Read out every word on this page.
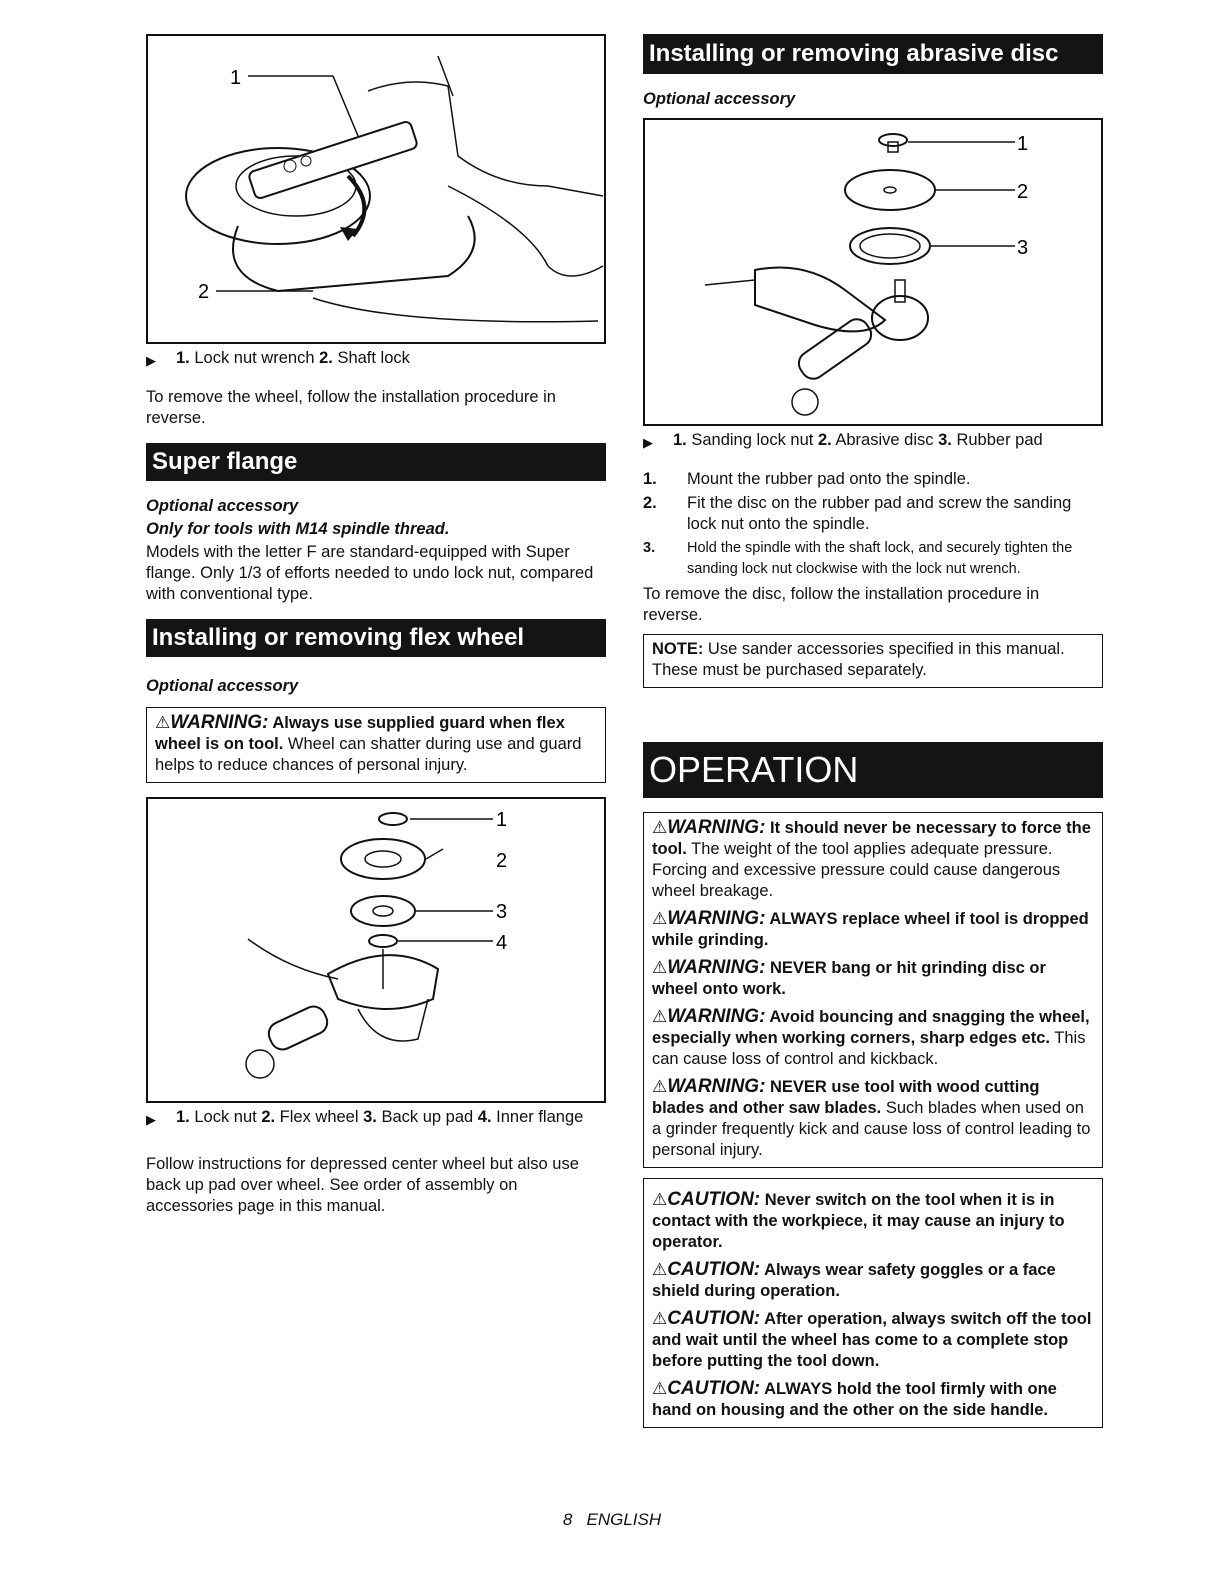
1
2
▶	1. Lock nut wrench 2. Shaft lock

To remove the wheel, follow the installation procedure in reverse.

Super flange
Optional accessory
Only for tools with M14 spindle thread.

Models with the letter F are standard-equipped with Super flange. Only 1/3 of efforts needed to undo lock nut, compared with conventional type.

Installing or removing flex wheel
Optional accessory
⚠WARNING: Always use supplied guard when flex wheel is on tool. Wheel can shatter during use and guard helps to reduce chances of personal injury.
1
2
3
4
▶	1. Lock nut 2. Flex wheel 3. Back up pad 4. Inner flange

Follow instructions for depressed center wheel but also use back up pad over wheel. See order of assembly on accessories page in this manual.

Installing or removing abrasive disc
Optional accessory
1
2
3
▶	1. Sanding lock nut 2. Abrasive disc 3. Rubber pad
1.	Mount the rubber pad onto the spindle.
2.	Fit the disc on the rubber pad and screw the sanding lock nut onto the spindle.
3.	Hold the spindle with the shaft lock, and securely tighten the sanding lock nut clockwise with the lock nut wrench.

To remove the disc, follow the installation procedure in reverse.

NOTE: Use sander accessories specified in this manual. These must be purchased separately.

OPERATION
⚠WARNING: It should never be necessary to force the tool. The weight of the tool applies adequate pressure. Forcing and excessive pressure could cause dangerous wheel breakage.
⚠WARNING: ALWAYS replace wheel if tool is dropped while grinding.
⚠WARNING: NEVER bang or hit grinding disc or wheel onto work.
⚠WARNING: Avoid bouncing and snagging the wheel, especially when working corners, sharp edges etc. This can cause loss of control and kickback.
⚠WARNING: NEVER use tool with wood cutting blades and other saw blades. Such blades when used on a grinder frequently kick and cause loss of control leading to personal injury.
⚠CAUTION: Never switch on the tool when it is in contact with the workpiece, it may cause an injury to operator.
⚠CAUTION: Always wear safety goggles or a face shield during operation.
⚠CAUTION: After operation, always switch off the tool and wait until the wheel has come to a complete stop before putting the tool down.
⚠CAUTION: ALWAYS hold the tool firmly with one hand on housing and the other on the side handle.
8   ENGLISH
